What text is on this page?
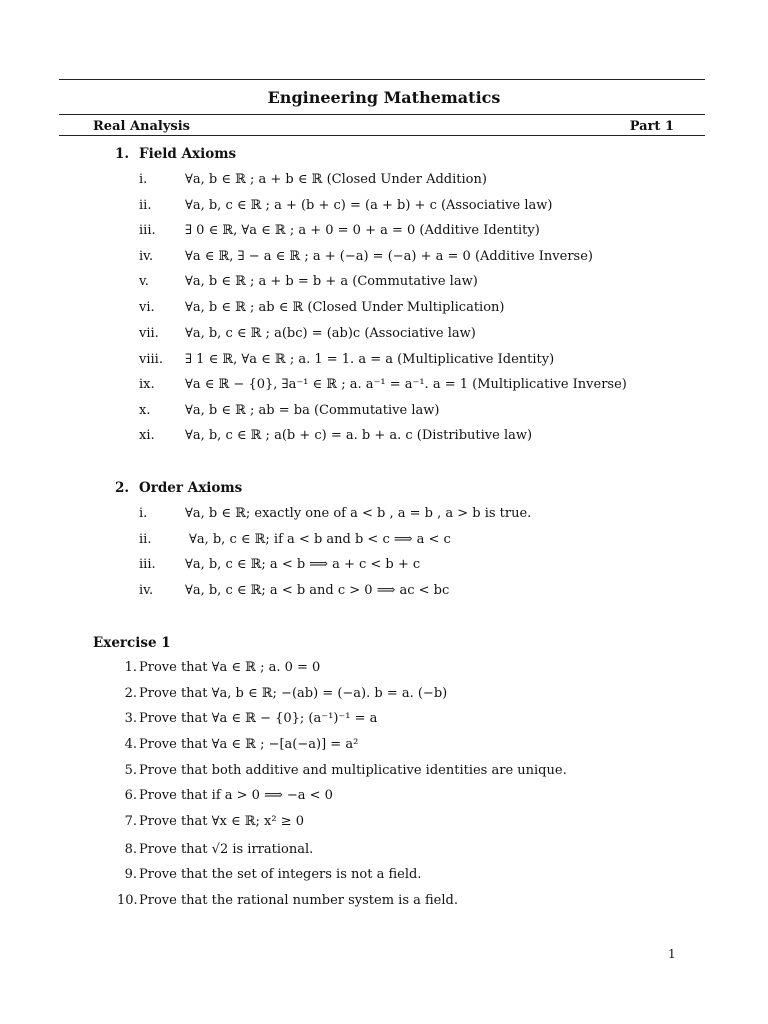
Engineering Mathematics
Real Analysis	Part 1
1. Field Axioms
i.	∀a, b ∈ ℝ ; a + b ∈ ℝ (Closed Under Addition)
ii.	∀a, b, c ∈ ℝ ; a + (b + c) = (a + b) + c (Associative law)
iii. ∃ 0 ∈ ℝ, ∀a ∈ ℝ ; a + 0 = 0 + a = 0 (Additive Identity)
iv. ∀a ∈ ℝ, ∃ − a ∈ ℝ ; a + (−a) = (−a) + a = 0 (Additive Inverse)
v.	∀a, b ∈ ℝ ; a + b = b + a (Commutative law)
vi. ∀a, b ∈ ℝ ; ab ∈ ℝ (Closed Under Multiplication)
vii. ∀a, b, c ∈ ℝ ; a(bc) = (ab)c (Associative law)
viii. ∃ 1 ∈ ℝ, ∀a ∈ ℝ ; a. 1 = 1. a = a (Multiplicative Identity)
ix. ∀a ∈ ℝ − {0}, ∃a⁻¹ ∈ ℝ ; a. a⁻¹ = a⁻¹. a = 1 (Multiplicative Inverse)
x.	∀a, b ∈ ℝ ; ab = ba (Commutative law)
xi. ∀a, b, c ∈ ℝ ; a(b + c) = a. b + a. c (Distributive law)
2. Order Axioms
i.	∀a, b ∈ ℝ; exactly one of a < b , a = b , a > b is true.
ii.	∀a, b, c ∈ ℝ; if a < b and b < c ⟹ a < c
iii. ∀a, b, c ∈ ℝ; a < b ⟹ a + c < b + c
iv. ∀a, b, c ∈ ℝ; a < b and c > 0 ⟹ ac < bc
Exercise 1
1. Prove that ∀a ∈ ℝ ; a. 0 = 0
2. Prove that ∀a, b ∈ ℝ; −(ab) = (−a). b = a. (−b)
3. Prove that ∀a ∈ ℝ − {0}; (a⁻¹)⁻¹ = a
4. Prove that ∀a ∈ ℝ ; −[a(−a)] = a²
5. Prove that both additive and multiplicative identities are unique.
6. Prove that if a > 0 ⟹ −a < 0
7. Prove that ∀x ∈ ℝ; x² ≥ 0
8. Prove that √2 is irrational.
9. Prove that the set of integers is not a field.
10. Prove that the rational number system is a field.
1
